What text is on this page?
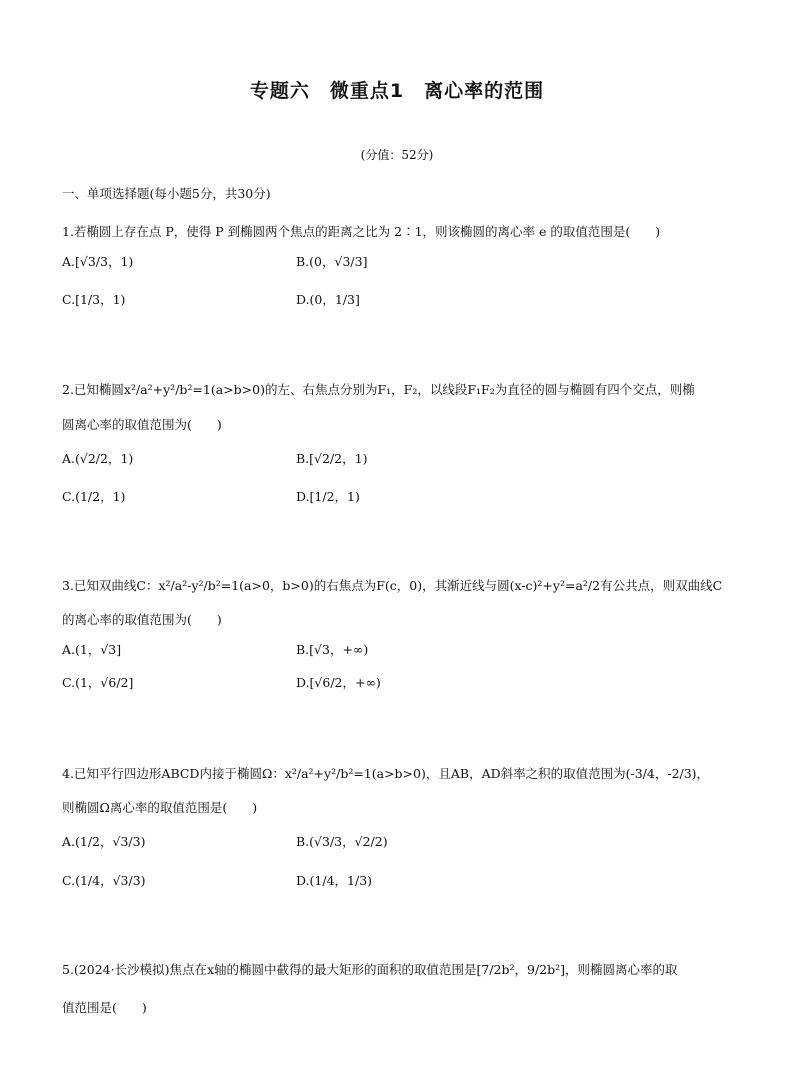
专题六　微重点1　离心率的范围
(分值：52分)
一、单项选择题(每小题5分，共30分)
1.若椭圆上存在点 P，使得 P 到椭圆两个焦点的距离之比为 2∶1，则该椭圆的离心率 e 的取值范围是(　　)
A.[√3/3，1)	B.(0，√3/3]
C.[1/3，1)	D.(0，1/3]
2.已知椭圆x²/a²+y²/b²=1(a>b>0)的左、右焦点分别为F₁，F₂，以线段F₁F₂为直径的圆与椭圆有四个交点，则椭
圆离心率的取值范围为(　　)
A.(√2/2，1)	B.[√2/2，1)
C.(1/2，1)	D.[1/2，1)
3.已知双曲线C：x²/a²-y²/b²=1(a>0，b>0)的右焦点为F(c，0)，其渐近线与圆(x-c)²+y²=a²/2有公共点，则双曲线C
的离心率的取值范围为(　　)
A.(1，√3]	B.[√3，+∞)
C.(1，√6/2]	D.[√6/2，+∞)
4.已知平行四边形ABCD内接于椭圆Ω：x²/a²+y²/b²=1(a>b>0)，且AB，AD斜率之积的取值范围为(-3/4，-2/3)，
则椭圆Ω离心率的取值范围是(　　)
A.(1/2，√3/3)	B.(√3/3，√2/2)
C.(1/4，√3/3)	D.(1/4，1/3)
5.(2024·长沙模拟)焦点在x轴的椭圆中截得的最大矩形的面积的取值范围是[7/2b²，9/2b²]，则椭圆离心率的取
值范围是(　　)
